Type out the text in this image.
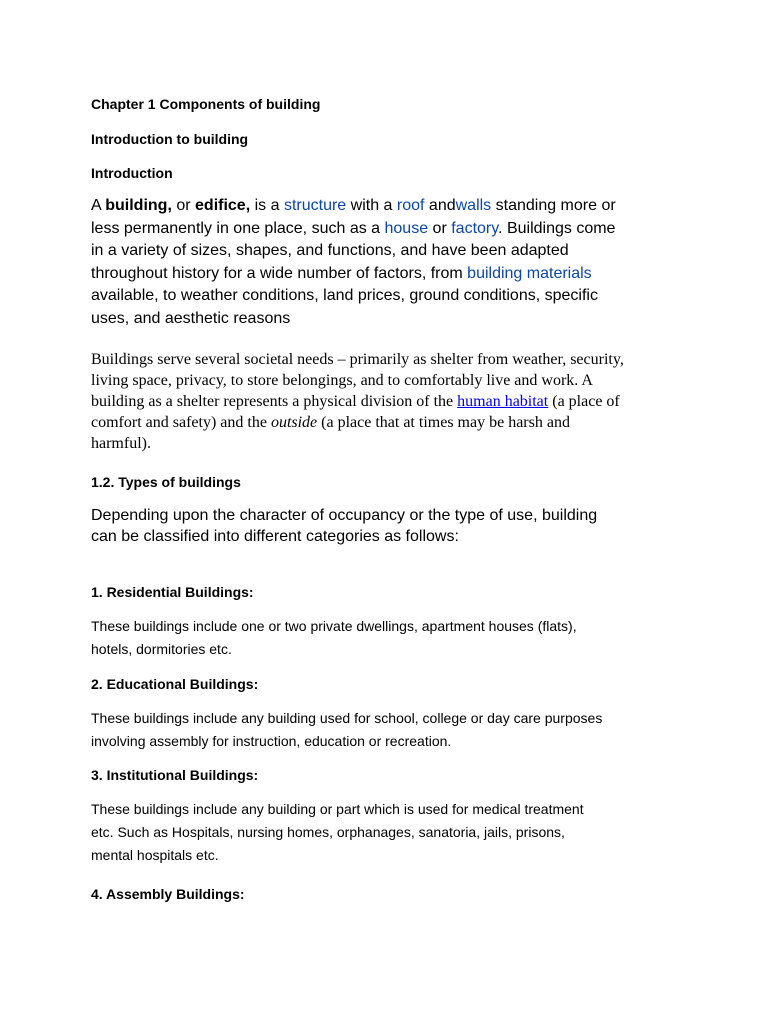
Chapter 1 Components of building
Introduction to building
Introduction
A building, or edifice, is a structure with a roof andwalls standing more or
less permanently in one place, such as a house or factory. Buildings come
in a variety of sizes, shapes, and functions, and have been adapted
throughout history for a wide number of factors, from building materials
available, to weather conditions, land prices, ground conditions, specific
uses, and aesthetic reasons
Buildings serve several societal needs – primarily as shelter from weather, security,
living space, privacy, to store belongings, and to comfortably live and work. A
building as a shelter represents a physical division of the human habitat (a place of
comfort and safety) and the outside (a place that at times may be harsh and
harmful).
1.2. Types of buildings
Depending upon the character of occupancy or the type of use, building
can be classified into different categories as follows:
1. Residential Buildings:
These buildings include one or two private dwellings, apartment houses (flats),
hotels, dormitories etc.
2. Educational Buildings:
These buildings include any building used for school, college or day care purposes
involving assembly for instruction, education or recreation.
3. Institutional Buildings:
These buildings include any building or part which is used for medical treatment
etc. Such as Hospitals, nursing homes, orphanages, sanatoria, jails, prisons,
mental hospitals etc.
4. Assembly Buildings:
